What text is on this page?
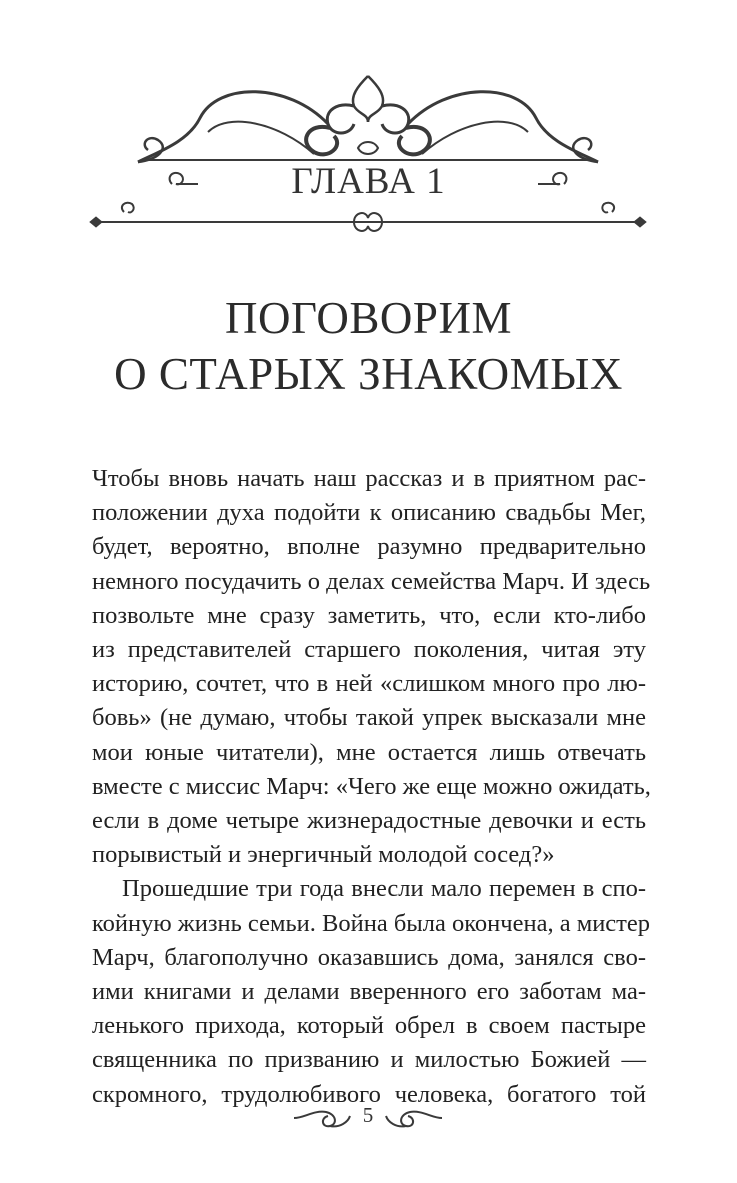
ГЛАВА 1
ПОГОВОРИМ
О СТАРЫХ ЗНАКОМЫХ
Чтобы вновь начать наш рассказ и в приятном рас-
положении духа подойти к описанию свадьбы Мег,
будет, вероятно, вполне разумно предварительно
немного посудачить о делах семейства Марч. И здесь
позвольте мне сразу заметить, что, если кто-либо
из представителей старшего поколения, читая эту
историю, сочтет, что в ней «слишком много про лю-
бовь» (не думаю, чтобы такой упрек высказали мне
мои юные читатели), мне остается лишь отвечать
вместе с миссис Марч: «Чего же еще можно ожидать,
если в доме четыре жизнерадостные девочки и есть
порывистый и энергичный молодой сосед?»
Прошедшие три года внесли мало перемен в спо-
койную жизнь семьи. Война была окончена, а мистер
Марч, благополучно оказавшись дома, занялся сво-
ими книгами и делами вверенного его заботам ма-
ленького прихода, который обрел в своем пастыре
священника по призванию и милостью Божией —
скромного, трудолюбивого человека, богатого той
5
